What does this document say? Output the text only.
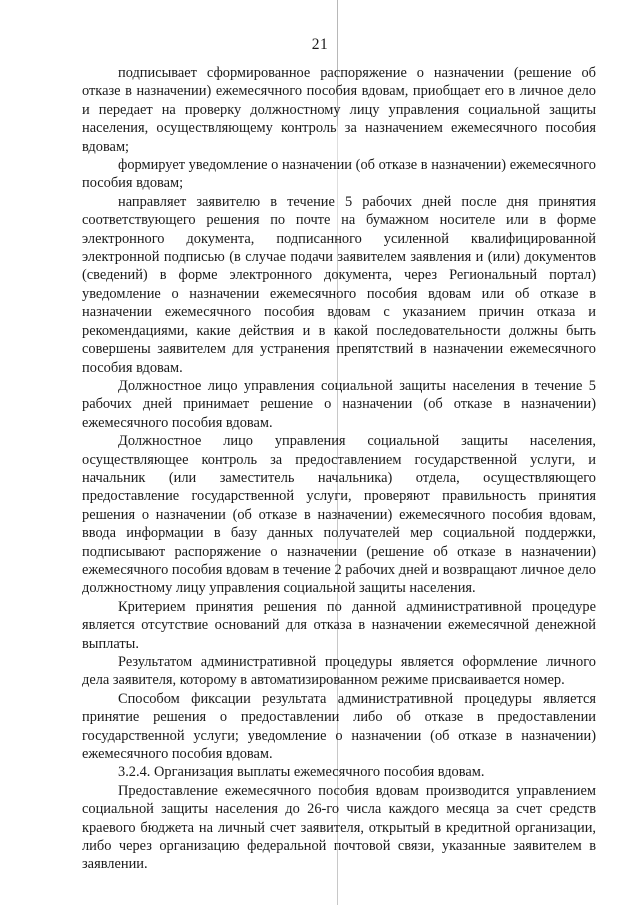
21

подписывает сформированное распоряжение о назначении (решение об отказе в назначении) ежемесячного пособия вдовам, приобщает его в личное дело и передает на проверку должностному лицу управления социальной защиты населения, осуществляющему контроль за назначением ежемесячного пособия вдовам;

формирует уведомление о назначении (об отказе в назначении) ежемесячного пособия вдовам;

направляет заявителю в течение 5 рабочих дней после дня принятия соответствующего решения по почте на бумажном носителе или в форме электронного документа, подписанного усиленной квалифицированной электронной подписью (в случае подачи заявителем заявления и (или) документов (сведений) в форме электронного документа, через Региональный портал) уведомление о назначении ежемесячного пособия вдовам или об отказе в назначении ежемесячного пособия вдовам с указанием причин отказа и рекомендациями, какие действия и в какой последовательности должны быть совершены заявителем для устранения препятствий в назначении ежемесячного пособия вдовам.

Должностное лицо управления социальной защиты населения в течение 5 рабочих дней принимает решение о назначении (об отказе в назначении) ежемесячного пособия вдовам.

Должностное лицо управления социальной защиты населения, осуществляющее контроль за предоставлением государственной услуги, и начальник (или заместитель начальника) отдела, осуществляющего предоставление государственной услуги, проверяют правильность принятия решения о назначении (об отказе в назначении) ежемесячного пособия вдовам, ввода информации в базу данных получателей мер социальной поддержки, подписывают распоряжение о назначении (решение об отказе в назначении) ежемесячного пособия вдовам в течение 2 рабочих дней и возвращают личное дело должностному лицу управления социальной защиты населения.

Критерием принятия решения по данной административной процедуре является отсутствие оснований для отказа в назначении ежемесячной денежной выплаты.

Результатом административной процедуры является оформление личного дела заявителя, которому в автоматизированном режиме присваивается номер.

Способом фиксации результата административной процедуры является принятие решения о предоставлении либо об отказе в предоставлении государственной услуги; уведомление о назначении (об отказе в назначении) ежемесячного пособия вдовам.

3.2.4. Организация выплаты ежемесячного пособия вдовам.

Предоставление ежемесячного пособия вдовам производится управлением социальной защиты населения до 26-го числа каждого месяца за счет средств краевого бюджета на личный счет заявителя, открытый в кредитной организации, либо через организацию федеральной почтовой связи, указанные заявителем в заявлении.
